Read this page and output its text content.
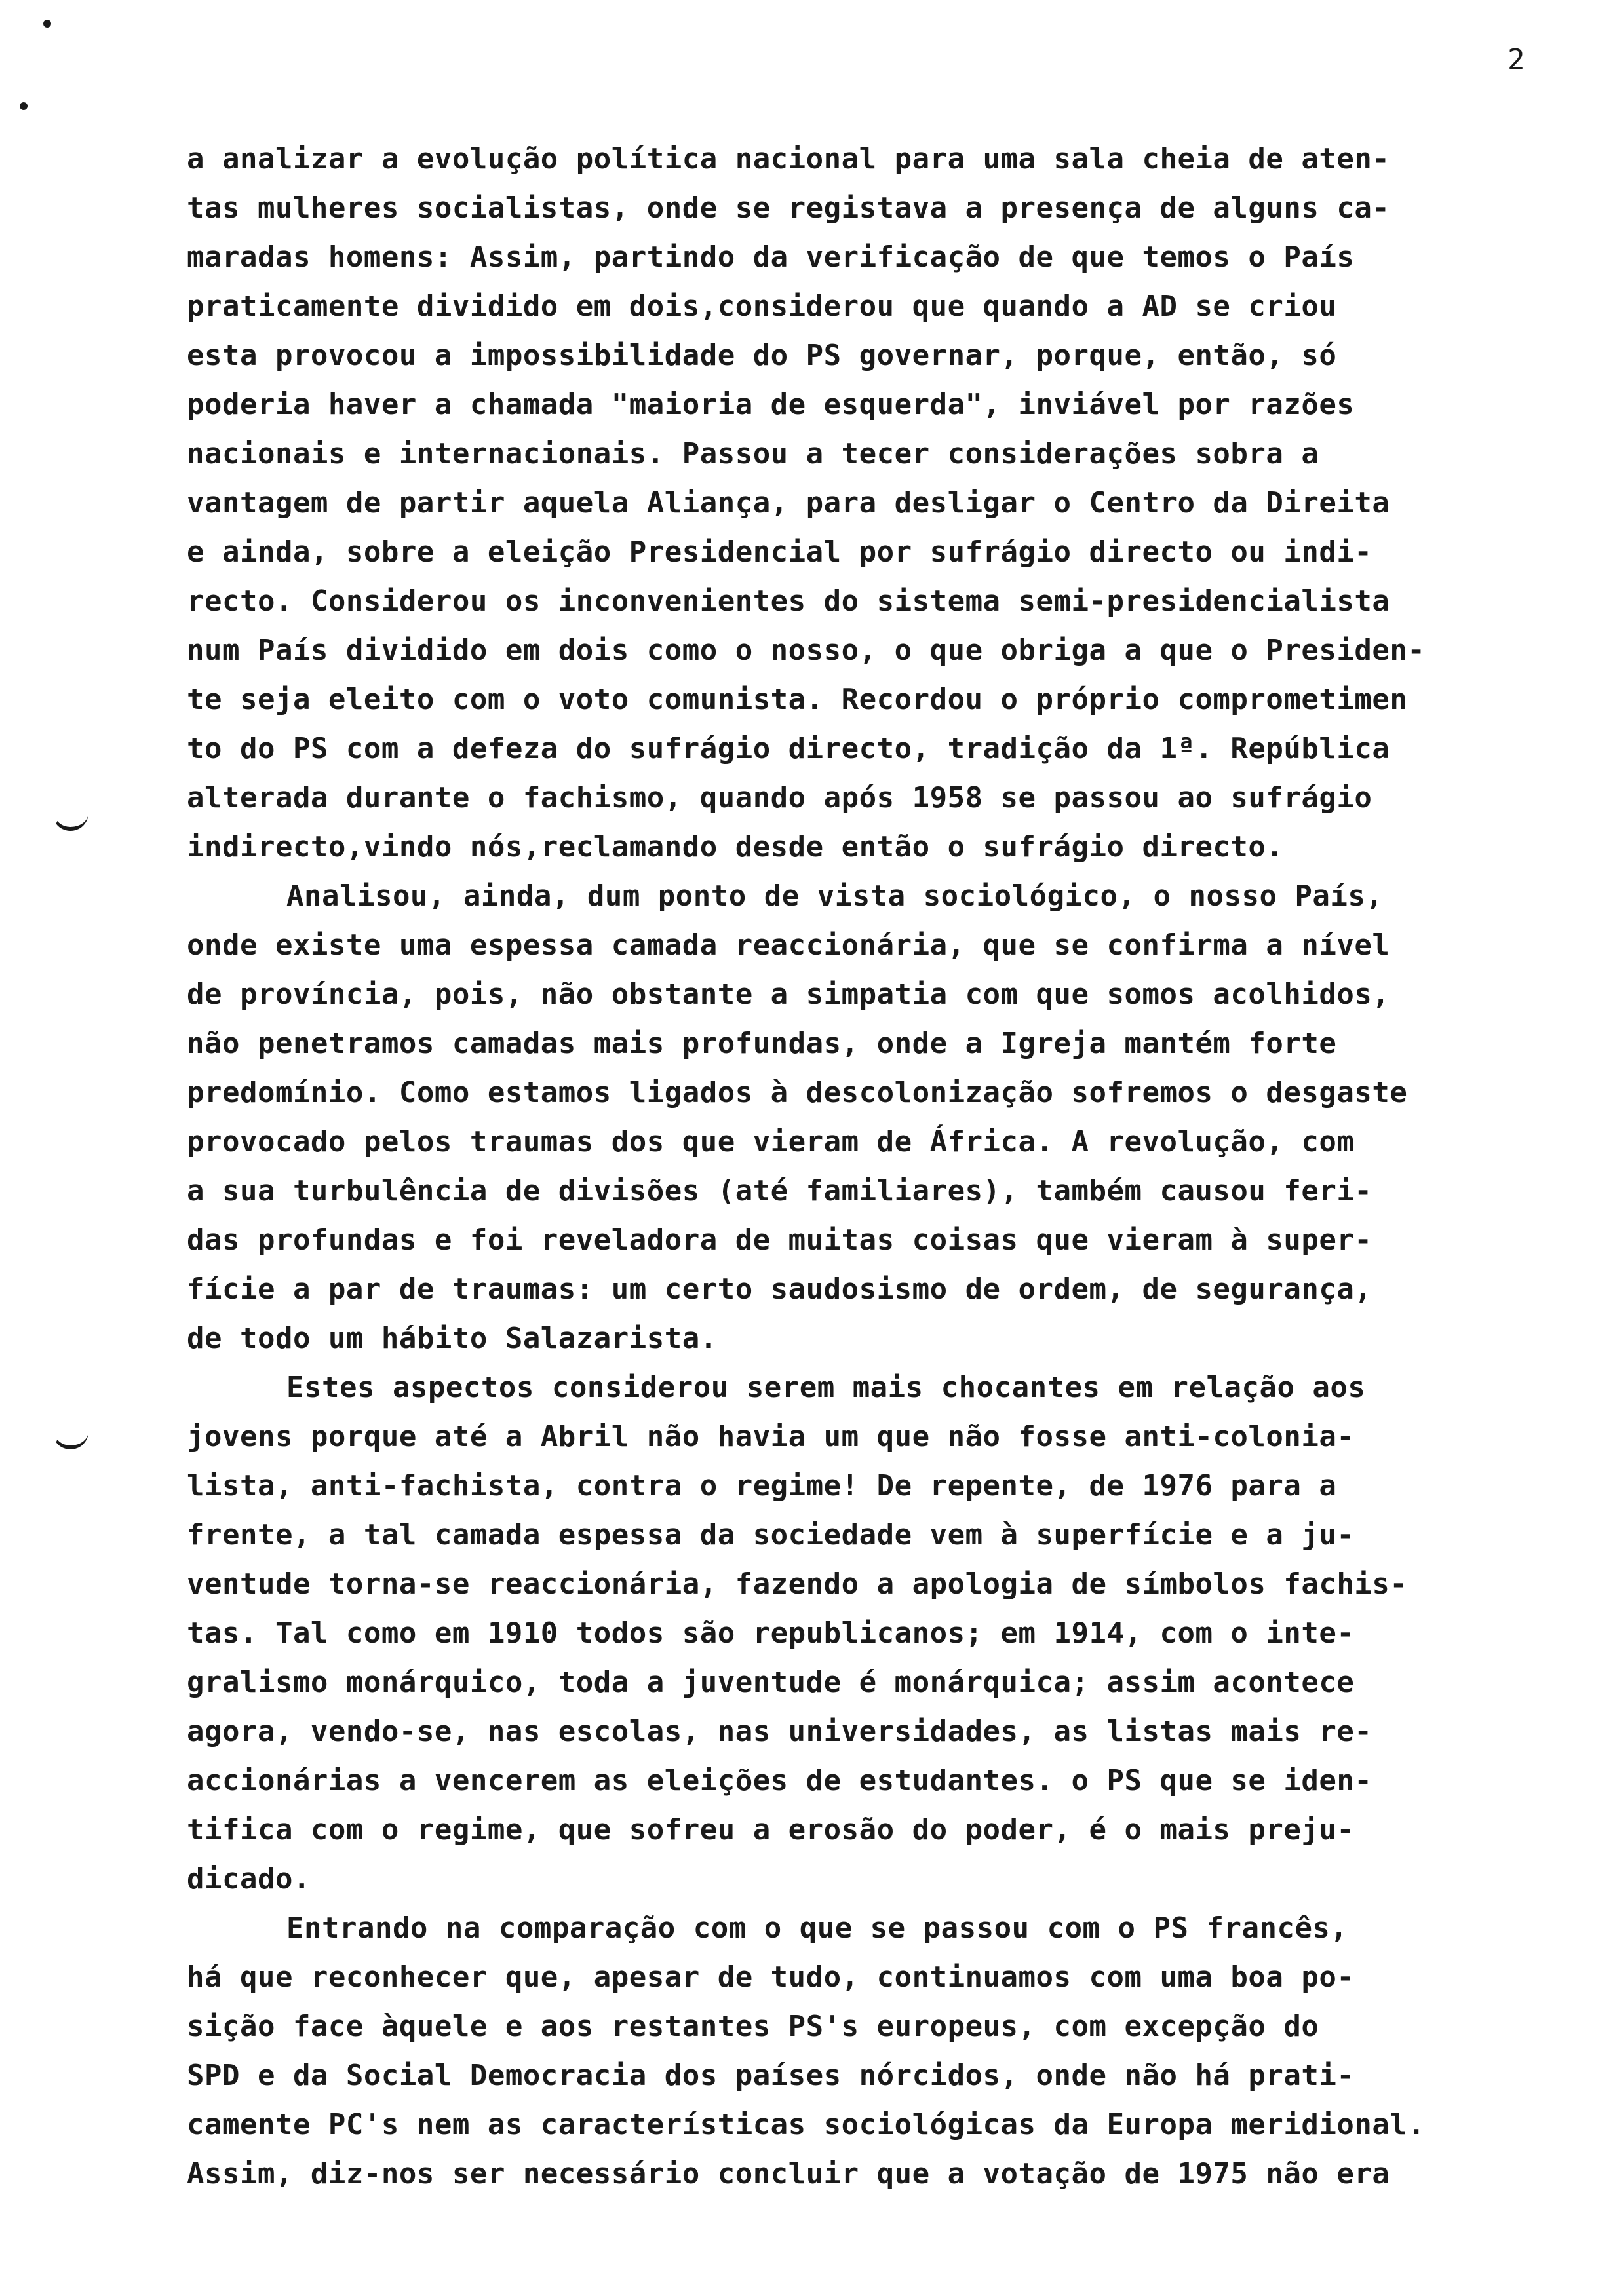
2
a analizar a evolução política nacional para uma sala cheia de aten-
tas mulheres socialistas, onde se registava a presença de alguns ca-
maradas homens: Assim, partindo da verificação de que temos o País
praticamente dividido em dois,considerou que quando a AD se criou
esta provocou a impossibilidade do PS governar, porque, então, só
poderia haver a chamada "maioria de esquerda", inviável por razões
nacionais e internacionais. Passou a tecer considerações sobra a
vantagem de partir aquela Aliança, para desligar o Centro da Direita
e ainda, sobre a eleição Presidencial por sufrágio directo ou indi-
recto. Considerou os inconvenientes do sistema semi-presidencialista
num País dividido em dois como o nosso, o que obriga a que o Presiden-
te seja eleito com o voto comunista. Recordou o próprio comprometimen
to do PS com a defeza do sufrágio directo, tradição da 1ª. República
alterada durante o fachismo, quando após 1958 se passou ao sufrágio
indirecto,vindo nós,reclamando desde então o sufrágio directo.
Analisou, ainda, dum ponto de vista sociológico, o nosso País,
onde existe uma espessa camada reaccionária, que se confirma a nível
de província, pois, não obstante a simpatia com que somos acolhidos,
não penetramos camadas mais profundas, onde a Igreja mantém forte
predomínio. Como estamos ligados à descolonização sofremos o desgaste
provocado pelos traumas dos que vieram de África. A revolução, com
a sua turbulência de divisões (até familiares), também causou feri-
das profundas e foi reveladora de muitas coisas que vieram à super-
fície a par de traumas: um certo saudosismo de ordem, de segurança,
de todo um hábito Salazarista.
Estes aspectos considerou serem mais chocantes em relação aos
jovens porque até a Abril não havia um que não fosse anti-colonia-
lista, anti-fachista, contra o regime! De repente, de 1976 para a
frente, a tal camada espessa da sociedade vem à superfície e a ju-
ventude torna-se reaccionária, fazendo a apologia de símbolos fachis-
tas. Tal como em 1910 todos são republicanos; em 1914, com o inte-
gralismo monárquico, toda a juventude é monárquica; assim acontece
agora, vendo-se, nas escolas, nas universidades, as listas mais re-
accionárias a vencerem as eleições de estudantes. o PS que se iden-
tifica com o regime, que sofreu a erosão do poder, é o mais preju-
dicado.
Entrando na comparação com o que se passou com o PS francês,
há que reconhecer que, apesar de tudo, continuamos com uma boa po-
sição face àquele e aos restantes PS's europeus, com excepção do
SPD e da Social Democracia dos países nórcidos, onde não há prati-
camente PC's nem as características sociológicas da Europa meridional.
Assim, diz-nos ser necessário concluir que a votação de 1975 não era
